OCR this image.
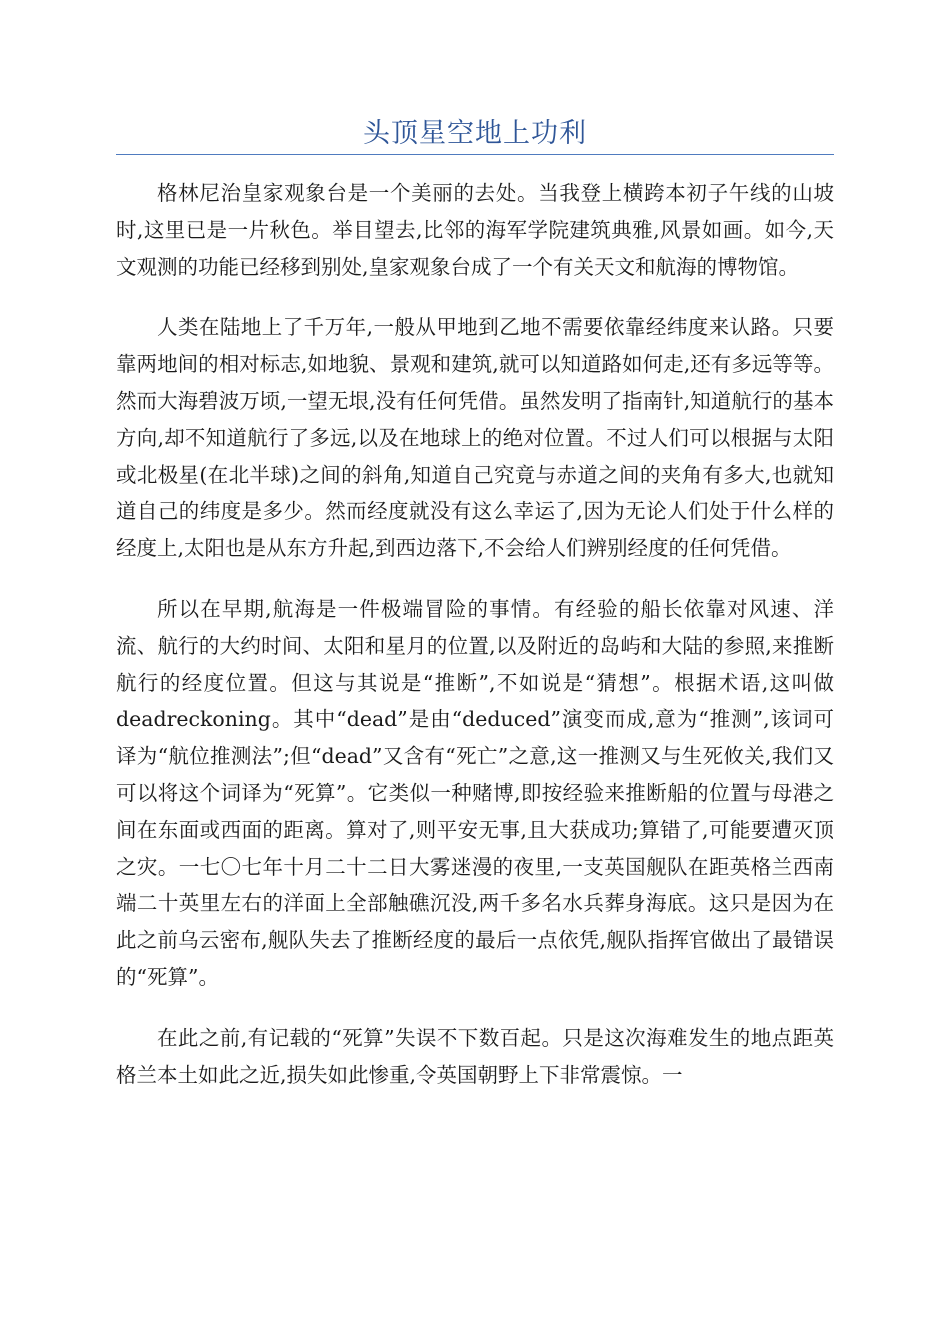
头顶星空地上功利

格林尼治皇家观象台是一个美丽的去处。当我登上横跨本初子午线的山坡时,这里已是一片秋色。举目望去,比邻的海军学院建筑典雅,风景如画。如今,天文观测的功能已经移到别处,皇家观象台成了一个有关天文和航海的博物馆。

人类在陆地上了千万年,一般从甲地到乙地不需要依靠经纬度来认路。只要靠两地间的相对标志,如地貌、景观和建筑,就可以知道路如何走,还有多远等等。然而大海碧波万顷,一望无垠,没有任何凭借。虽然发明了指南针,知道航行的基本方向,却不知道航行了多远,以及在地球上的绝对位置。不过人们可以根据与太阳或北极星(在北半球)之间的斜角,知道自己究竟与赤道之间的夹角有多大,也就知道自己的纬度是多少。然而经度就没有这么幸运了,因为无论人们处于什么样的经度上,太阳也是从东方升起,到西边落下,不会给人们辨别经度的任何凭借。

所以在早期,航海是一件极端冒险的事情。有经验的船长依靠对风速、洋流、航行的大约时间、太阳和星月的位置,以及附近的岛屿和大陆的参照,来推断航行的经度位置。但这与其说是“推断”,不如说是“猜想”。根据术语,这叫做deadreckoning。其中“dead”是由“deduced”演变而成,意为“推测”,该词可译为“航位推测法”;但“dead”又含有“死亡”之意,这一推测又与生死攸关,我们又可以将这个词译为“死算”。它类似一种赌博,即按经验来推断船的位置与母港之间在东面或西面的距离。算对了,则平安无事,且大获成功;算错了,可能要遭灭顶之灾。一七〇七年十月二十二日大雾迷漫的夜里,一支英国舰队在距英格兰西南端二十英里左右的洋面上全部触礁沉没,两千多名水兵葬身海底。这只是因为在此之前乌云密布,舰队失去了推断经度的最后一点依凭,舰队指挥官做出了最错误的“死算”。

在此之前,有记载的“死算”失误不下数百起。只是这次海难发生的地点距英格兰本土如此之近,损失如此惨重,令英国朝野上下非常震惊。一
